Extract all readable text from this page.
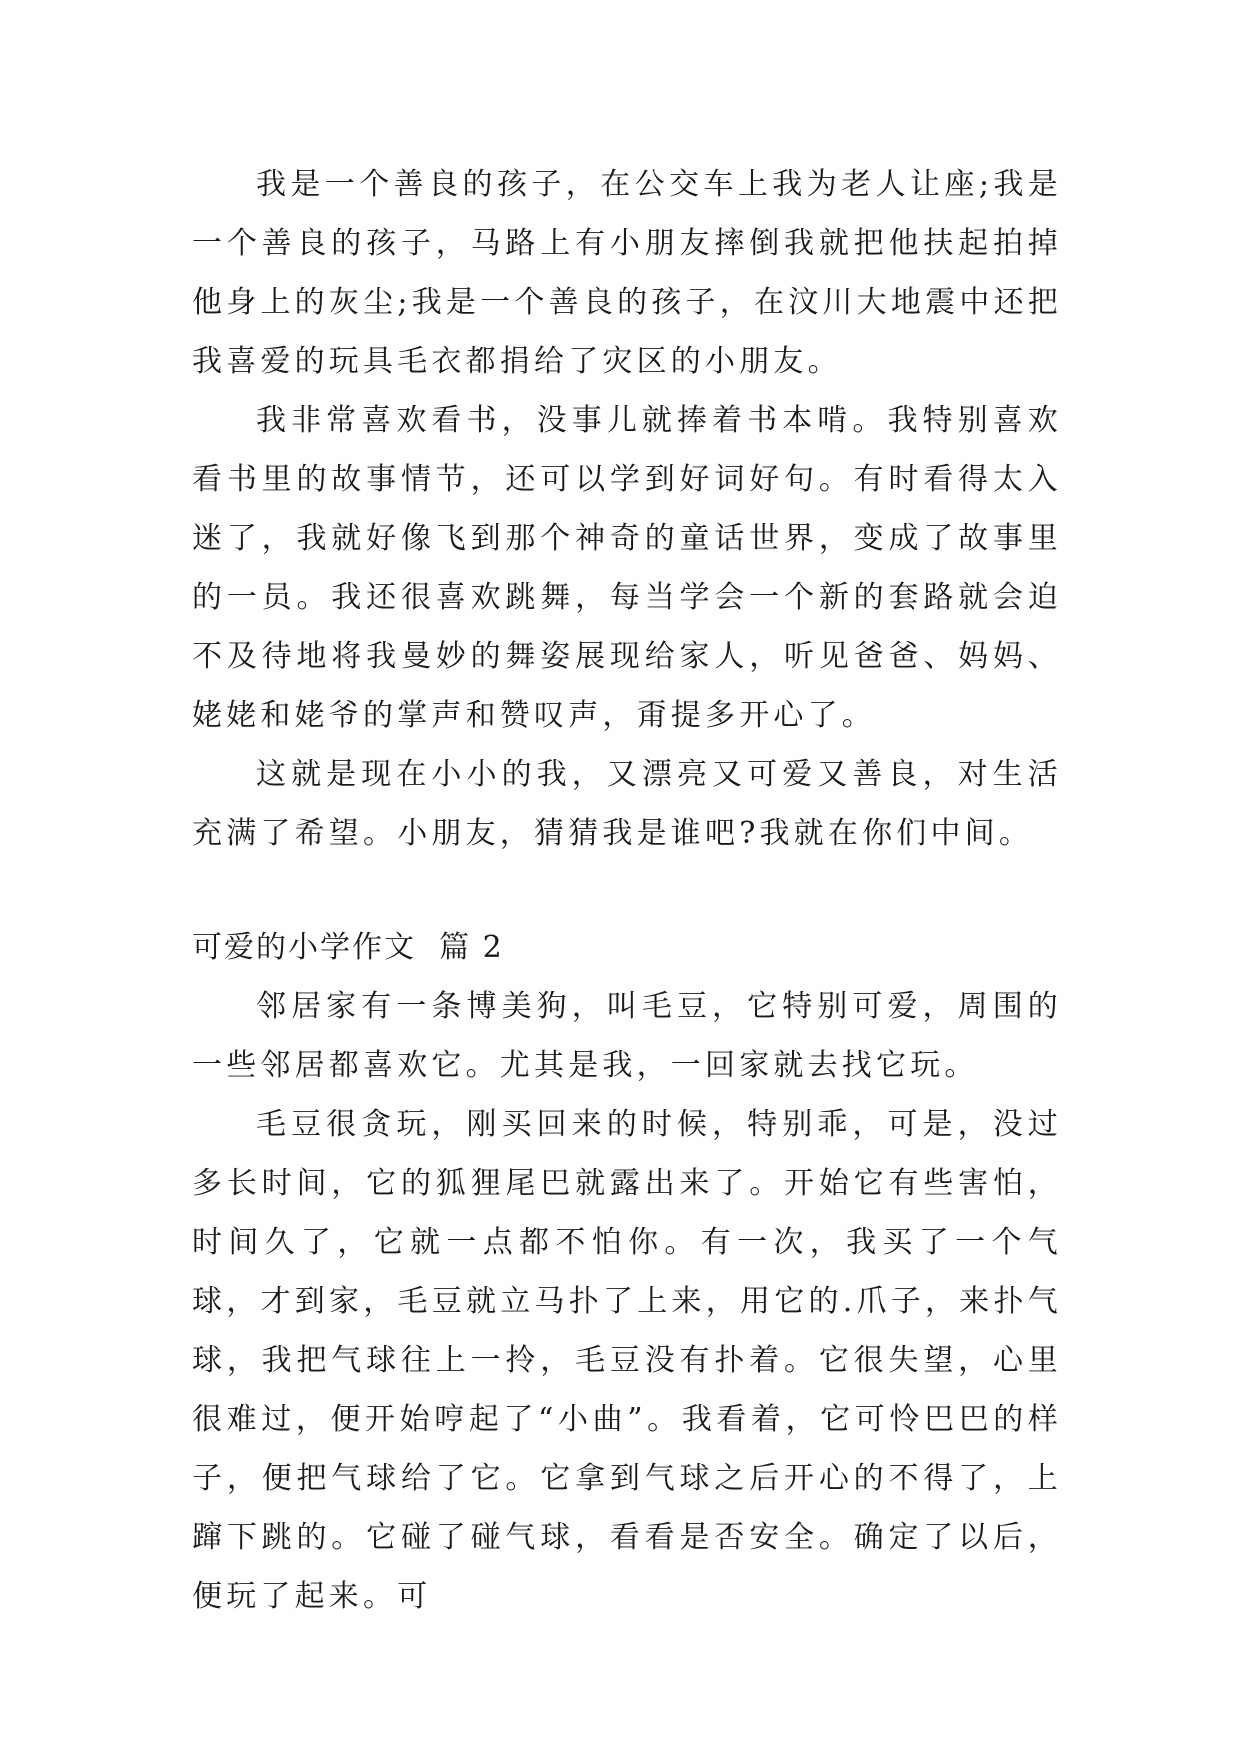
我是一个善良的孩子，在公交车上我为老人让座;我是一个善良的孩子，马路上有小朋友摔倒我就把他扶起拍掉他身上的灰尘;我是一个善良的孩子，在汶川大地震中还把我喜爱的玩具毛衣都捐给了灾区的小朋友。

我非常喜欢看书，没事儿就捧着书本啃。我特别喜欢看书里的故事情节，还可以学到好词好句。有时看得太入迷了，我就好像飞到那个神奇的童话世界，变成了故事里的一员。我还很喜欢跳舞，每当学会一个新的套路就会迫不及待地将我曼妙的舞姿展现给家人，听见爸爸、妈妈、姥姥和姥爷的掌声和赞叹声，甭提多开心了。

这就是现在小小的我，又漂亮又可爱又善良，对生活充满了希望。小朋友，猜猜我是谁吧?我就在你们中间。

可爱的小学作文  篇 2

邻居家有一条博美狗，叫毛豆，它特别可爱，周围的一些邻居都喜欢它。尤其是我，一回家就去找它玩。

毛豆很贪玩，刚买回来的时候，特别乖，可是，没过多长时间，它的狐狸尾巴就露出来了。开始它有些害怕，时间久了，它就一点都不怕你。有一次，我买了一个气球，才到家，毛豆就立马扑了上来，用它的.爪子，来扑气球，我把气球往上一拎，毛豆没有扑着。它很失望，心里很难过，便开始哼起了“小曲”。我看着，它可怜巴巴的样子，便把气球给了它。它拿到气球之后开心的不得了，上蹿下跳的。它碰了碰气球，看看是否安全。确定了以后，便玩了起来。可
